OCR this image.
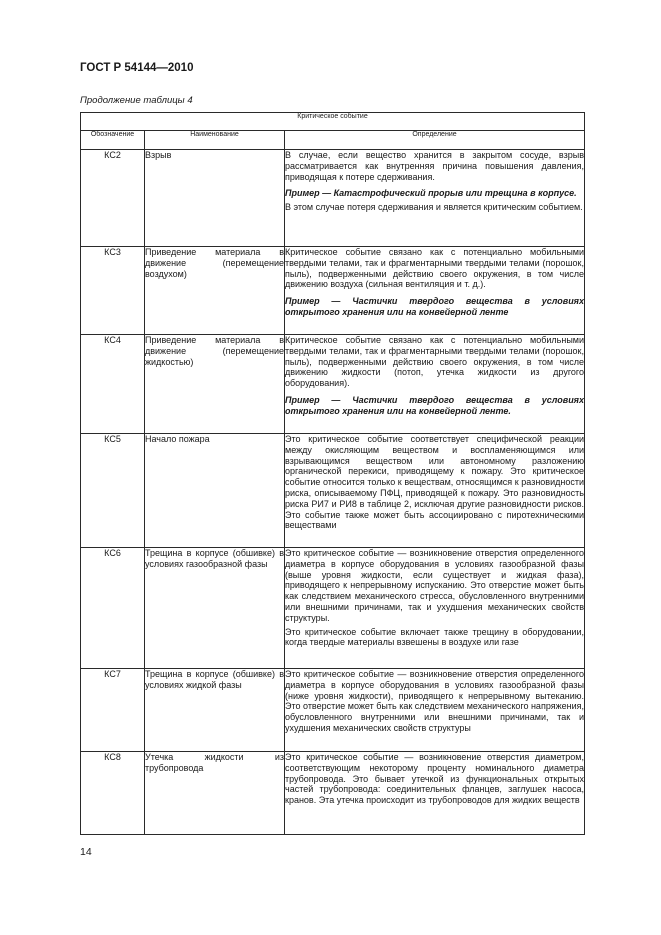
ГОСТ Р 54144—2010
Продолжение таблицы 4
Критическое событие		
Обозначение	Наименование	Определение
КС2	Взрыв	В случае, если вещество хранится в закрытом сосуде, взрыв рассматривается как внутренняя причина повышения давления, приводящая к потере сдерживания.

Пример — Катастрофический прорыв или трещина в корпусе.

В этом случае потеря сдерживания и является критическим событием.

КС3	Приведение материала в движение (перемещение воздухом)	Критическое событие связано как с потенциально мобильными твердыми телами, так и фрагментарными твердыми телами (порошок, пыль), подверженными действию своего окружения, в том числе движению воздуха (сильная вентиляция и т. д.).

Пример — Частички твердого вещества в условиях открытого хранения или на конвейерной ленте

КС4	Приведение материала в движение (перемещение жидкостью)	Критическое событие связано как с потенциально мобильными твердыми телами, так и фрагментарными твердыми телами (порошок, пыль), подверженными действию своего окружения, в том числе движению жидкости (потоп, утечка жидкости из другого оборудования).

Пример — Частички твердого вещества в условиях открытого хранения или на конвейерной ленте.

КС5	Начало пожара	Это критическое событие соответствует специфической реакции между окисляющим веществом и воспламеняющимся или взрывающимся веществом или автономному разложению органической перекиси, приводящему к пожару. Это критическое событие относится только к веществам, относящимся к разновидности риска, описываемому ПФЦ, приводящей к пожару. Это разновидность риска РИ7 и РИ8 в таблице 2, исключая другие разновидности рисков. Это событие также может быть ассоциировано с пиротехническими веществами

КС6	Трещина в корпусе (обшивке) в условиях газообразной фазы	Это критическое событие — возникновение отверстия определенного диаметра в корпусе оборудования в условиях газообразной фазы (выше уровня жидкости, если существует и жидкая фаза), приводящего к непрерывному испусканию. Это отверстие может быть как следствием механического стресса, обусловленного внутренними или внешними причинами, так и ухудшения механических свойств структуры.

Это критическое событие включает также трещину в оборудовании, когда твердые материалы взвешены в воздухе или газе

КС7	Трещина в корпусе (обшивке) в условиях жидкой фазы	Это критическое событие — возникновение отверстия определенного диаметра в корпусе оборудования в условиях газообразной фазы (ниже уровня жидкости), приводящего к непрерывному вытеканию. Это отверстие может быть как следствием механического напряжения, обусловленного внутренними или внешними причинами, так и ухудшения механических свойств структуры

КС8	Утечка жидкости из трубопровода	Это критическое событие — возникновение отверстия диаметром, соответствующим некоторому проценту номинального диаметра трубопровода. Это бывает утечкой из функциональных открытых частей трубопровода: соединительных фланцев, заглушек насоса, кранов. Эта утечка происходит из трубопроводов для жидких веществ

14
